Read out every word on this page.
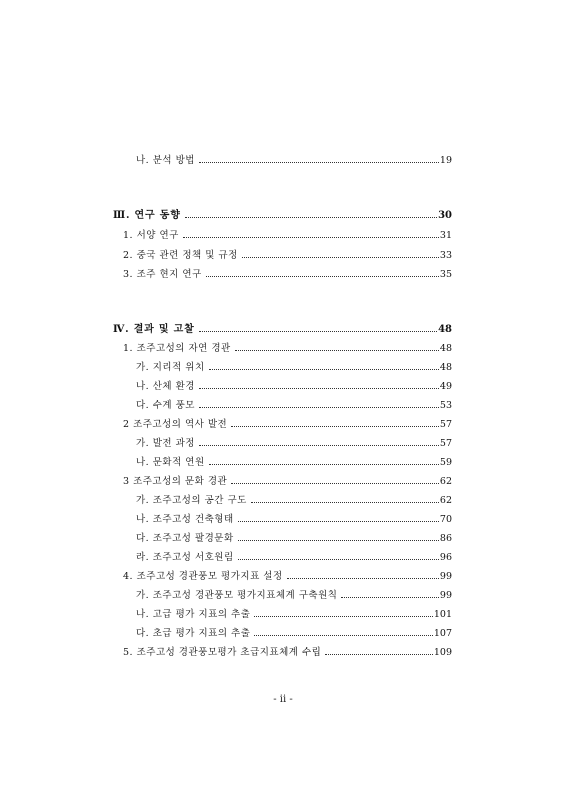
나. 분석 방법	19
Ⅲ. 연구 동향	30
1. 서양 연구	31
2. 중국 관련 정책 및 규정	33
3. 조주 현지 연구	35
Ⅳ. 결과 및 고찰	48
1. 조주고성의 자연 경관	48
가. 지리적 위치	48
나. 산체 환경	49
다. 수계 풍모	53
2 조주고성의 역사 발전	57
가. 발전 과정	57
나. 문화적 연원	59
3 조주고성의 문화 경관	62
가. 조주고성의 공간 구도	62
나. 조주고성 건축형태	70
다. 조주고성 팔경문화	86
라. 조주고성 서호원림	96
4. 조주고성 경관풍모 평가지표 설정	99
가. 조주고성 경관풍모 평가지표체계 구축원칙	99
나. 고급 평가 지표의 추출	101
다. 초급 평가 지표의 추출	107
5. 조주고성 경관풍모평가 초급지표체계 수립	109
- ii -
